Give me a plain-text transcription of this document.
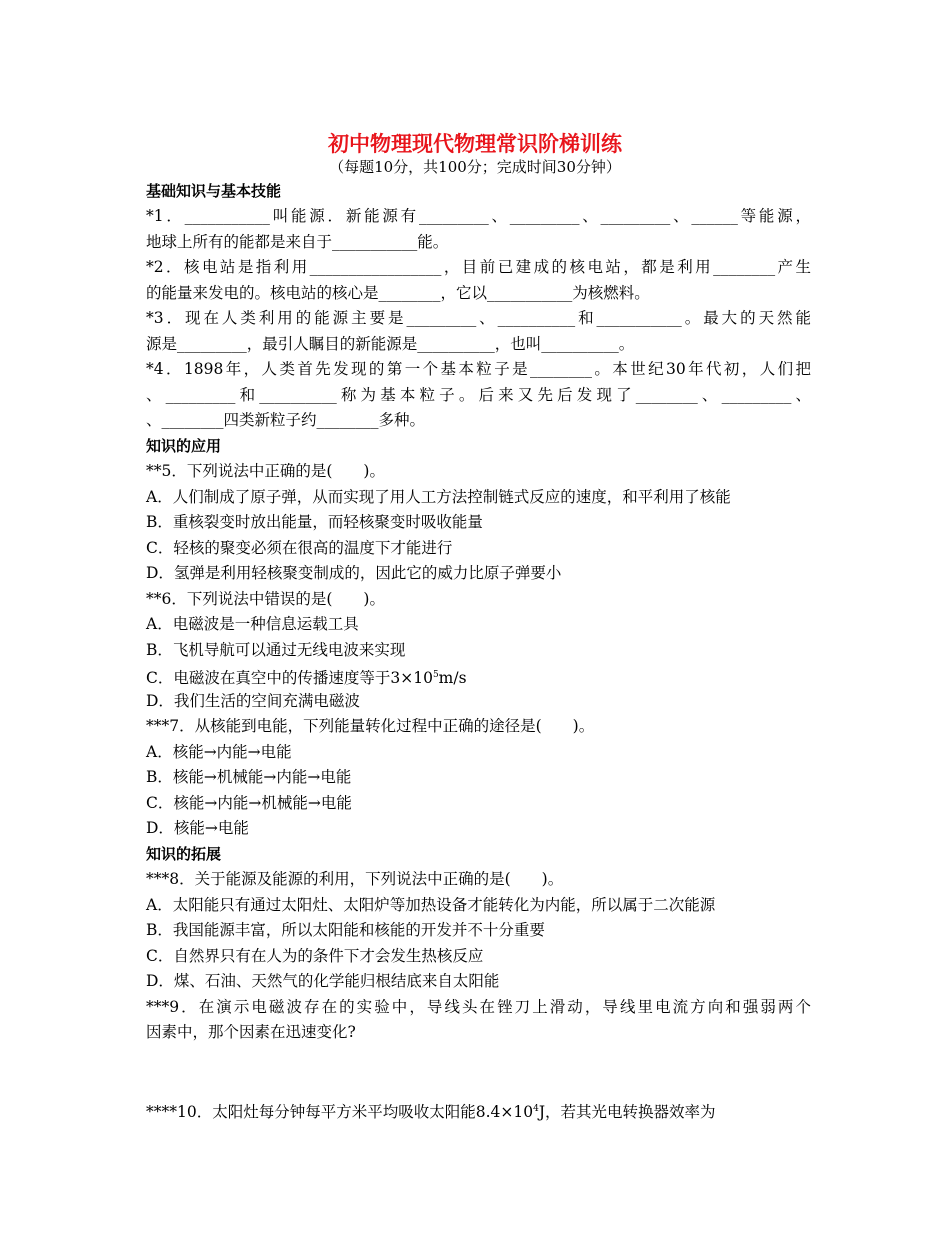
初中物理现代物理常识阶梯训练
（每题10分，共100分；完成时间30分钟）
基础知识与基本技能
*1．___________叫能源．新能源有_________、_________、_________、______等能源，
地球上所有的能都是来自于___________能。
*2．核电站是指利用_________________，目前已建成的核电站，都是利用________产生
的能量来发电的。核电站的核心是________，它以___________为核燃料。
*3．现在人类利用的能源主要是_________、__________和___________。最大的天然能
源是_________，最引人瞩目的新能源是__________，也叫__________。
*4．1898年，人类首先发现的第一个基本粒子是________。本世纪30年代初，人们把
、_________和__________称为基本粒子。后来又先后发现了________、_________、
、________四类新粒子约________多种。
知识的应用
**5．下列说法中正确的是(　　)。
A．人们制成了原子弹，从而实现了用人工方法控制链式反应的速度，和平利用了核能
B．重核裂变时放出能量，而轻核聚变时吸收能量
C．轻核的聚变必须在很高的温度下才能进行
D．氢弹是利用轻核聚变制成的，因此它的威力比原子弹要小
**6．下列说法中错误的是(　　)。
A．电磁波是一种信息运载工具
B．飞机导航可以通过无线电波来实现
C．电磁波在真空中的传播速度等于$3\times 10^5m/s$
D．我们生活的空间充满电磁波
***7．从核能到电能，下列能量转化过程中正确的途径是(　　)。
A．核能→内能→电能
B．核能→机械能→内能→电能
C．核能→内能→机械能→电能
D．核能→电能
知识的拓展
***8．关于能源及能源的利用，下列说法中正确的是(　　)。
A．太阳能只有通过太阳灶、太阳炉等加热设备才能转化为内能，所以属于二次能源
B．我国能源丰富，所以太阳能和核能的开发并不十分重要
C．自然界只有在人为的条件下才会发生热核反应
D．煤、石油、天然气的化学能归根结底来自太阳能
***9．在演示电磁波存在的实验中，导线头在锉刀上滑动，导线里电流方向和强弱两个
因素中，那个因素在迅速变化?
****10．太阳灶每分钟每平方米平均吸收太阳能$8.4\times 10^4J$，若其光电转换器效率为
